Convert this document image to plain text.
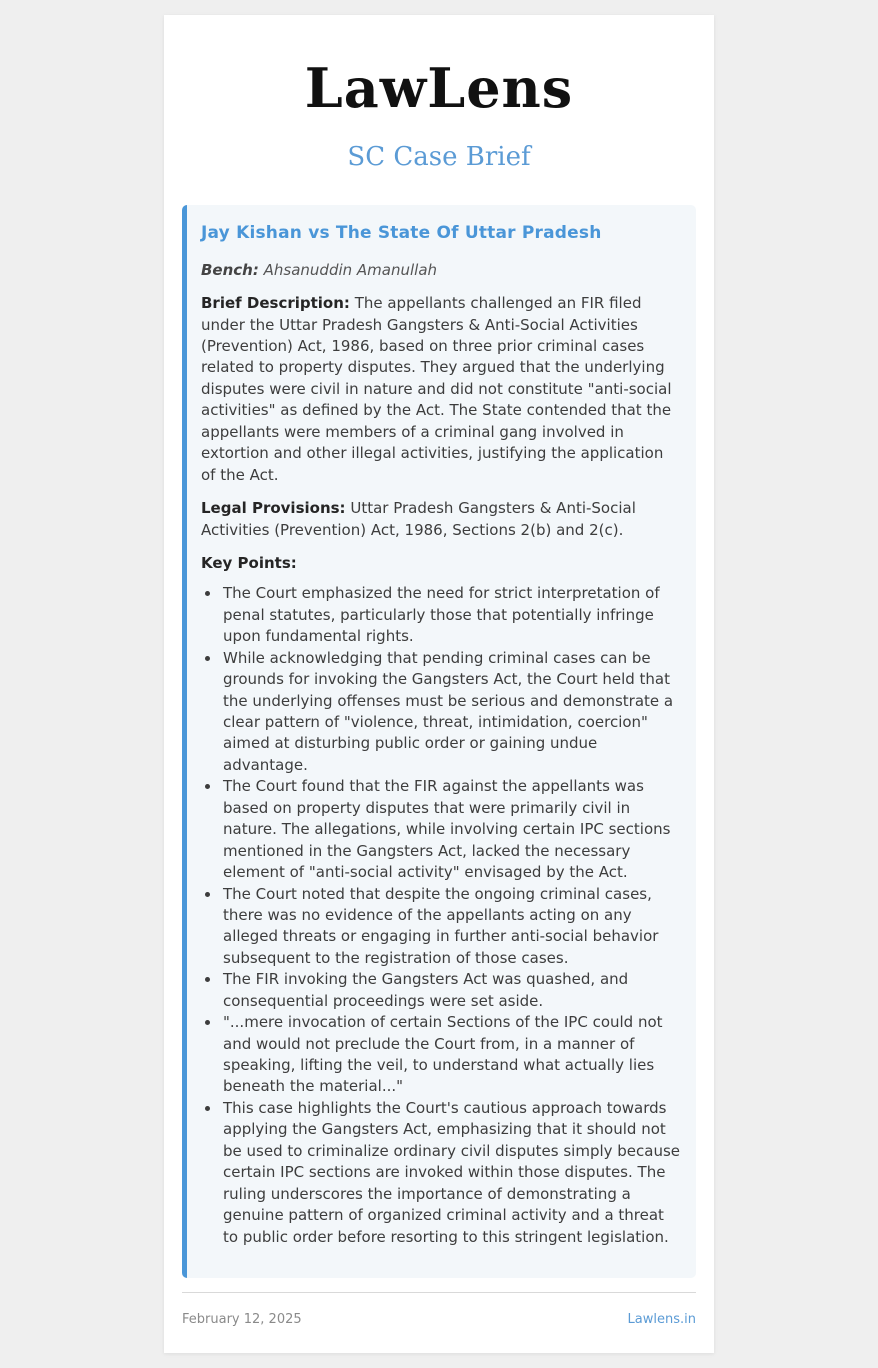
LawLens
SC Case Brief
Jay Kishan vs The State Of Uttar Pradesh
Bench: Ahsanuddin Amanullah

Brief Description: The appellants challenged an FIR filed under the Uttar Pradesh Gangsters & Anti-Social Activities (Prevention) Act, 1986, based on three prior criminal cases related to property disputes. They argued that the underlying disputes were civil in nature and did not constitute "anti-social activities" as defined by the Act. The State contended that the appellants were members of a criminal gang involved in extortion and other illegal activities, justifying the application of the Act.

Legal Provisions: Uttar Pradesh Gangsters & Anti-Social Activities (Prevention) Act, 1986, Sections 2(b) and 2(c).

Key Points:
• The Court emphasized the need for strict interpretation of penal statutes, particularly those that potentially infringe upon fundamental rights.
• While acknowledging that pending criminal cases can be grounds for invoking the Gangsters Act, the Court held that the underlying offenses must be serious and demonstrate a clear pattern of "violence, threat, intimidation, coercion" aimed at disturbing public order or gaining undue advantage.
• The Court found that the FIR against the appellants was based on property disputes that were primarily civil in nature. The allegations, while involving certain IPC sections mentioned in the Gangsters Act, lacked the necessary element of "anti-social activity" envisaged by the Act.
• The Court noted that despite the ongoing criminal cases, there was no evidence of the appellants acting on any alleged threats or engaging in further anti-social behavior subsequent to the registration of those cases.
• The FIR invoking the Gangsters Act was quashed, and consequential proceedings were set aside.
• "...mere invocation of certain Sections of the IPC could not and would not preclude the Court from, in a manner of speaking, lifting the veil, to understand what actually lies beneath the material..."
• This case highlights the Court's cautious approach towards applying the Gangsters Act, emphasizing that it should not be used to criminalize ordinary civil disputes simply because certain IPC sections are invoked within those disputes. The ruling underscores the importance of demonstrating a genuine pattern of organized criminal activity and a threat to public order before resorting to this stringent legislation.
February 12, 2025	Lawlens.in
